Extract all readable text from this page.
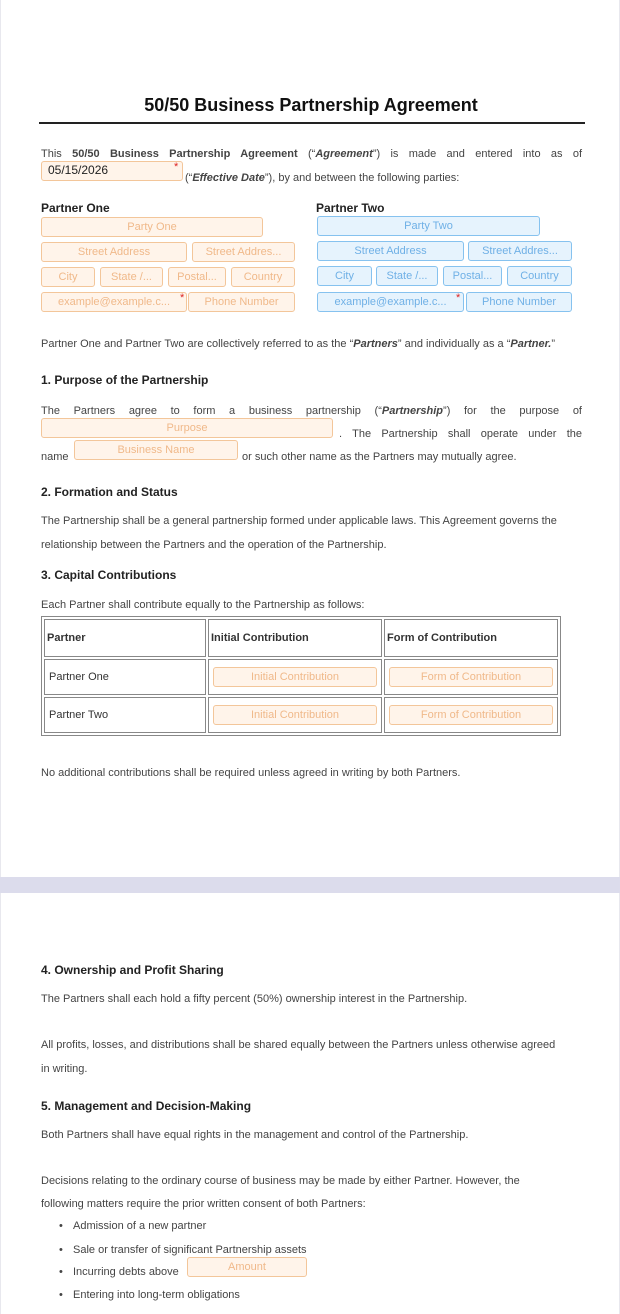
50/50 Business Partnership Agreement
This 50/50 Business Partnership Agreement (“Agreement”) is made and entered into as of
05/15/2026	*
(“Effective Date”), by and between the following parties:
Partner One
Party One
Street Address	Street Addres...
City	State /...	Postal...	Country
example@example.c... *	Phone Number
Partner Two
Party Two
Street Address	Street Addres...
City	State /...	Postal...	Country
example@example.c... *	Phone Number
Partner One and Partner Two are collectively referred to as the “Partners” and individually as a “Partner.”
1. Purpose of the Partnership
The Partners agree to form a business partnership (“Partnership”) for the purpose of
Purpose	. The Partnership shall operate under the
name
Business Name
or such other name as the Partners may mutually agree.
2. Formation and Status
The Partnership shall be a general partnership formed under applicable laws. This Agreement governs the
relationship between the Partners and the operation of the Partnership.
3. Capital Contributions
Each Partner shall contribute equally to the Partnership as follows:
Partner	Initial Contribution	Form of Contribution
Partner One	Initial Contribution	Form of Contribution

Partner Two	Initial Contribution	Form of Contribution
No additional contributions shall be required unless agreed in writing by both Partners.
4. Ownership and Profit Sharing
The Partners shall each hold a fifty percent (50%) ownership interest in the Partnership.
All profits, losses, and distributions shall be shared equally between the Partners unless otherwise agreed
in writing.
5. Management and Decision-Making
Both Partners shall have equal rights in the management and control of the Partnership.
Decisions relating to the ordinary course of business may be made by either Partner. However, the
following matters require the prior written consent of both Partners:
• Admission of a new partner
• Sale or transfer of significant Partnership assets
• Incurring debts above	Amount
• Entering into long-term obligations
